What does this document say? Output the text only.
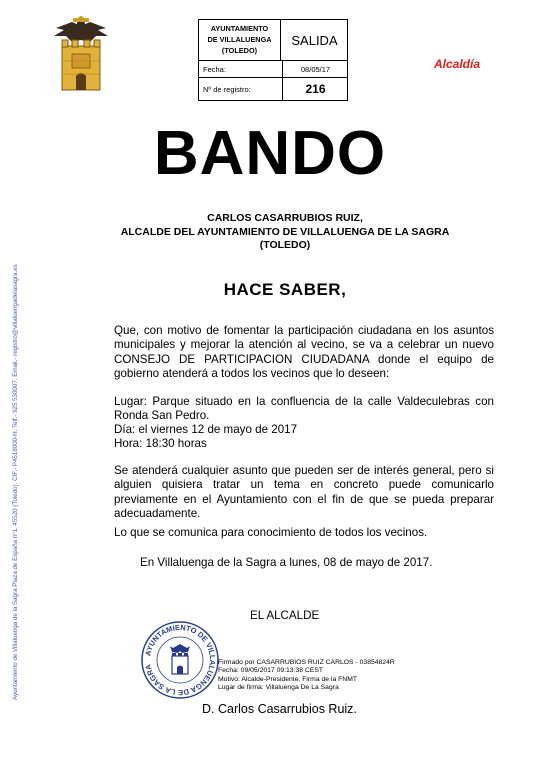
Ayuntamiento de Villaluenga de la Sagra Plaza de España nº1. 45520 (Toledo). CIF.- P4518000-H. Telf.- 925 530007. Email.- registro@villaluengadelasagra.es
AYUNTAMIENTO
DE VILLALUENGA
(TOLEDO)
SALIDA
Fecha:	08/05/17
Nº de registro:	216
Alcaldía
BANDO
CARLOS CASARRUBIOS RUIZ,
ALCALDE DEL AYUNTAMIENTO DE VILLALUENGA DE LA SAGRA
(TOLEDO)
HACE SABER,
Que, con motivo de fomentar la participación ciudadana en los asuntos municipales y mejorar la atención al vecino, se va a celebrar un nuevo CONSEJO DE PARTICIPACION CIUDADANA donde el equipo de gobierno atenderá a todos los vecinos que lo deseen:
Lugar: Parque situado en la confluencia de la calle Valdeculebras con Ronda San Pedro.
Día: el viernes 12 de mayo de 2017
Hora: 18:30 horas
Se atenderá cualquier asunto que pueden ser de interés general, pero si alguien quisiera tratar un tema en concreto puede comunicarlo previamente en el Ayuntamiento con el fin de que se pueda preparar adecuadamente.
Lo que se comunica para conocimiento de todos los vecinos.
En Villaluenga de la Sagra a lunes, 08 de mayo de 2017.
EL ALCALDE
AYUNTAMIENTO DE VILLALUENGA DE LA SAGRA
Firmado por CASARRUBIOS RUIZ CARLOS - 03854824R
Fecha: 09/05/2017 09:13:38 CEST
Motivo: Alcalde-Presidente. Firma de la FNMT
Lugar de firma: Villaluenga De La Sagra
D. Carlos Casarrubios Ruiz.
